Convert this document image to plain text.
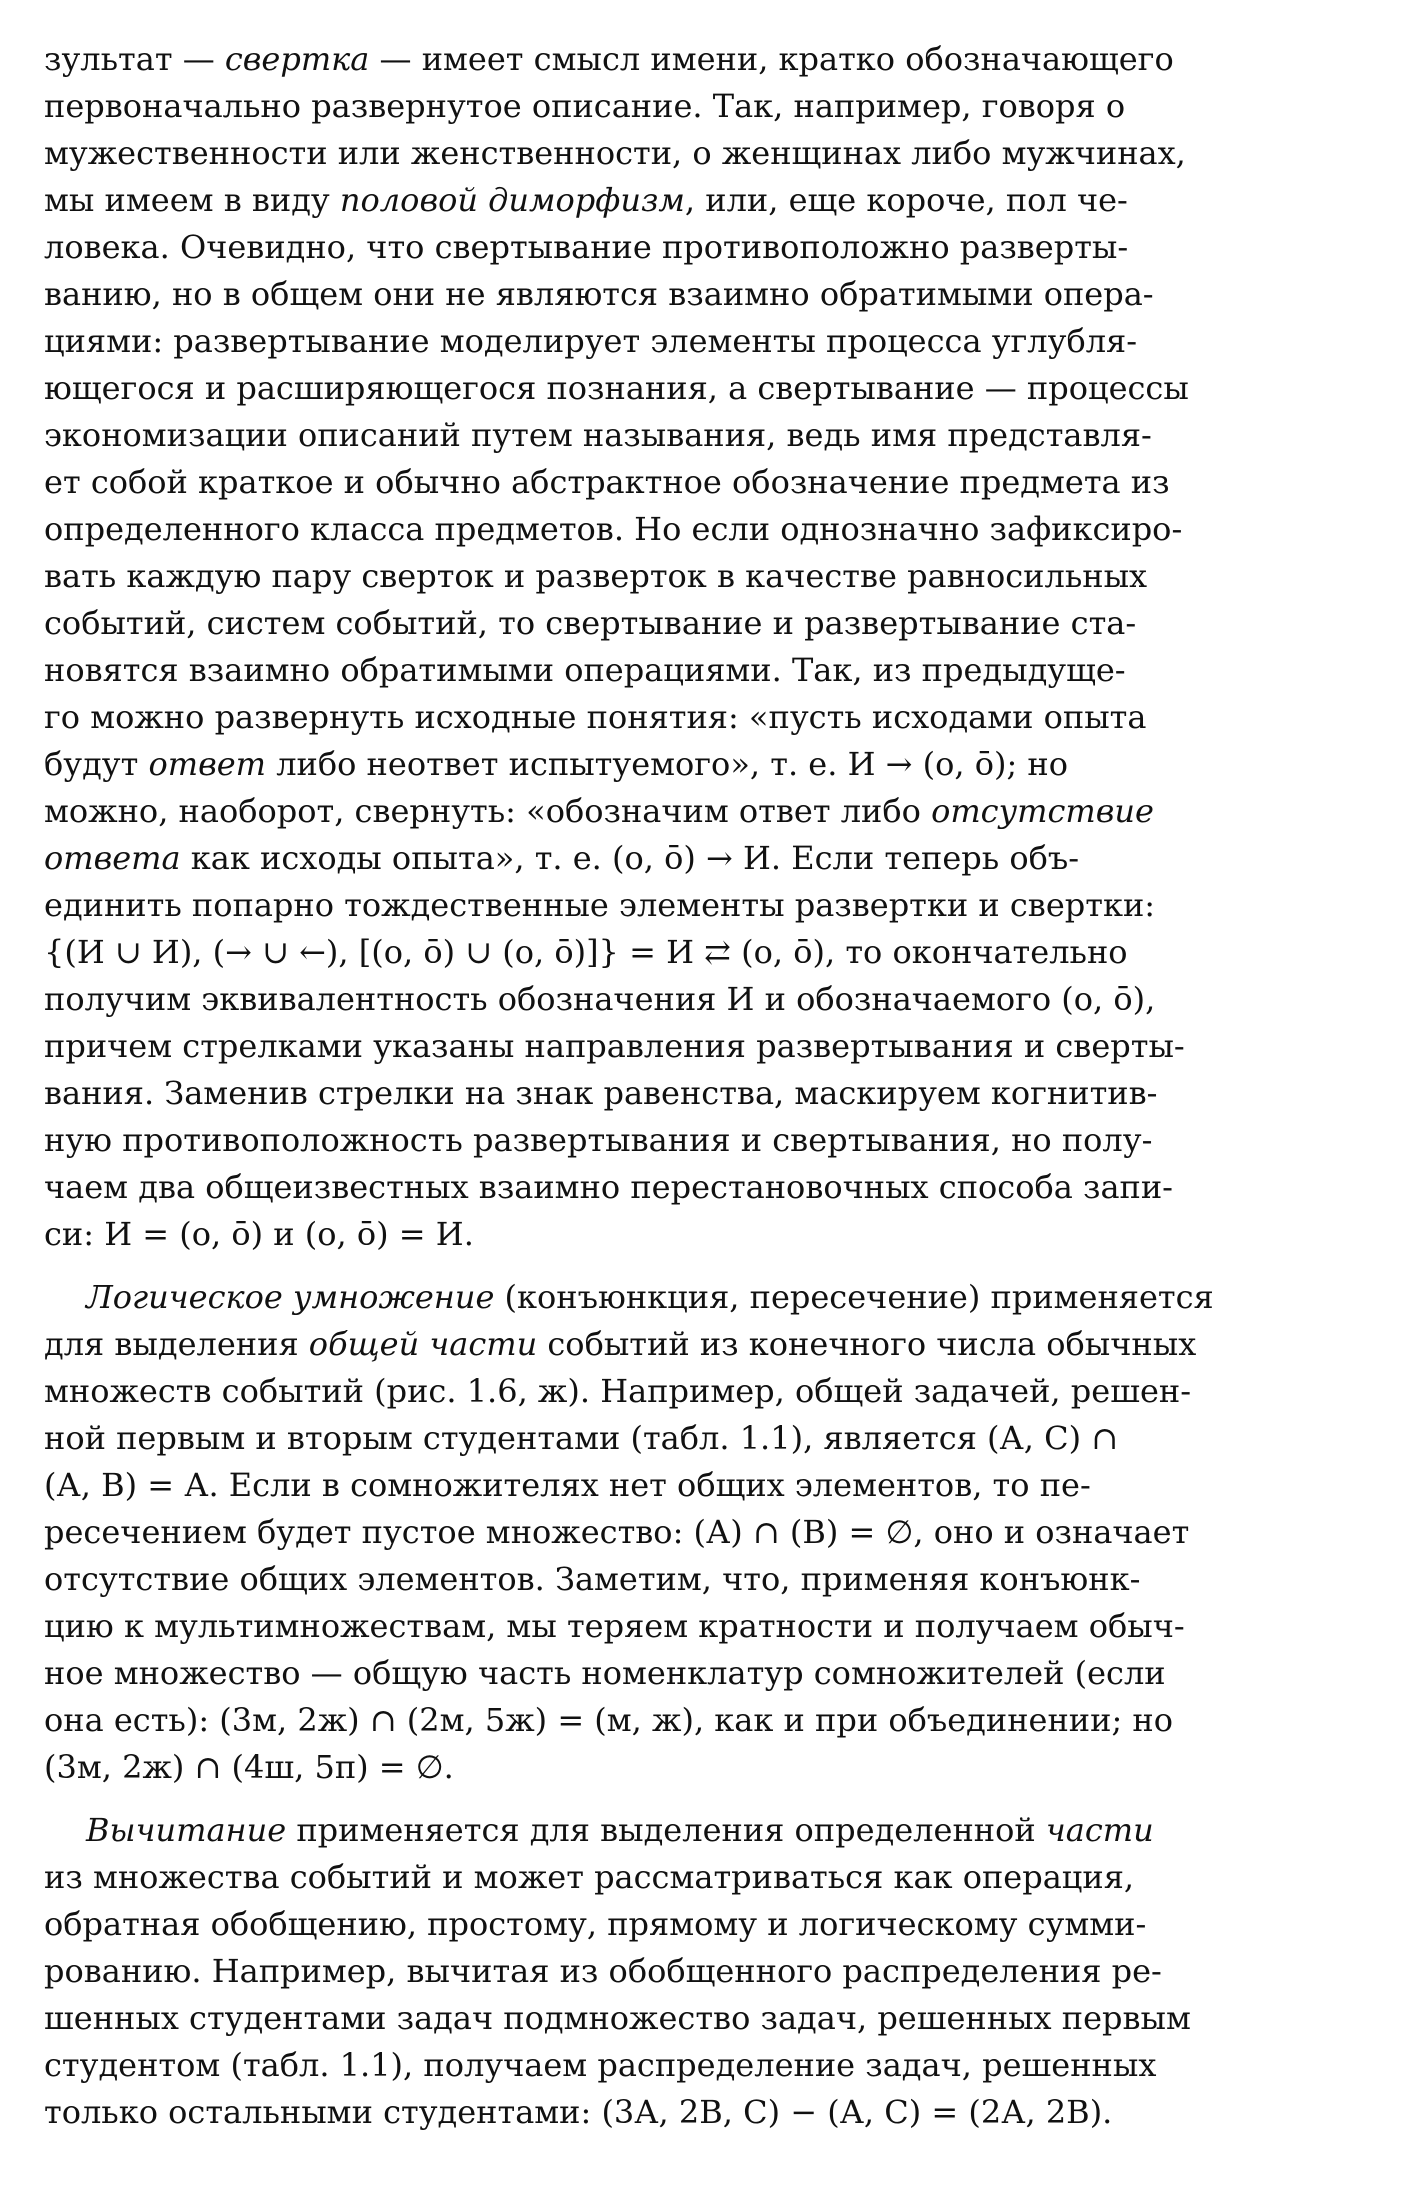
зультат — свертка — имеет смысл имени, кратко обозначающего
первоначально развернутое описание. Так, например, говоря о
мужественности или женственности, о женщинах либо мужчинах,
мы имеем в виду половой диморфизм, или, еще короче, пол че-
ловека. Очевидно, что свертывание противоположно разверты-
ванию, но в общем они не являются взаимно обратимыми опера-
циями: развертывание моделирует элементы процесса углубля-
ющегося и расширяющегося познания, а свертывание — процессы
экономизации описаний путем называния, ведь имя представля-
ет собой краткое и обычно абстрактное обозначение предмета из
определенного класса предметов. Но если однозначно зафиксиро-
вать каждую пару сверток и разверток в качестве равносильных
событий, систем событий, то свертывание и развертывание ста-
новятся взаимно обратимыми операциями. Так, из предыдуще-
го можно развернуть исходные понятия: «пусть исходами опыта
будут ответ либо неответ испытуемого», т. е. И → (о, ō); но
можно, наоборот, свернуть: «обозначим ответ либо отсутствие
ответа как исходы опыта», т. е. (о, ō) → И. Если теперь объ-
единить попарно тождественные элементы развертки и свертки:
{(И ∪ И), (→ ∪ ←), [(о, ō) ∪ (о, ō)]} = И ⇄ (о, ō), то окончательно
получим эквивалентность обозначения И и обозначаемого (о, ō),
причем стрелками указаны направления развертывания и сверты-
вания. Заменив стрелки на знак равенства, маскируем когнитив-
ную противоположность развертывания и свертывания, но полу-
чаем два общеизвестных взаимно перестановочных способа запи-
си: И = (о, ō) и (о, ō) = И.
Логическое умножение (конъюнкция, пересечение) применяется
для выделения общей части событий из конечного числа обычных
множеств событий (рис. 1.6, ж). Например, общей задачей, решен-
ной первым и вторым студентами (табл. 1.1), является (А, С) ∩
(А, В) = А. Если в сомножителях нет общих элементов, то пе-
ресечением будет пустое множество: (А) ∩ (В) = ∅, оно и означает
отсутствие общих элементов. Заметим, что, применяя конъюнк-
цию к мультимножествам, мы теряем кратности и получаем обыч-
ное множество — общую часть номенклатур сомножителей (если
она есть): (3м, 2ж) ∩ (2м, 5ж) = (м, ж), как и при объединении; но
(3м, 2ж) ∩ (4ш, 5п) = ∅.
Вычитание применяется для выделения определенной части
из множества событий и может рассматриваться как операция,
обратная обобщению, простому, прямому и логическому сумми-
рованию. Например, вычитая из обобщенного распределения ре-
шенных студентами задач подмножество задач, решенных первым
студентом (табл. 1.1), получаем распределение задач, решенных
только остальными студентами: (3А, 2В, С) − (А, С) = (2А, 2В).
